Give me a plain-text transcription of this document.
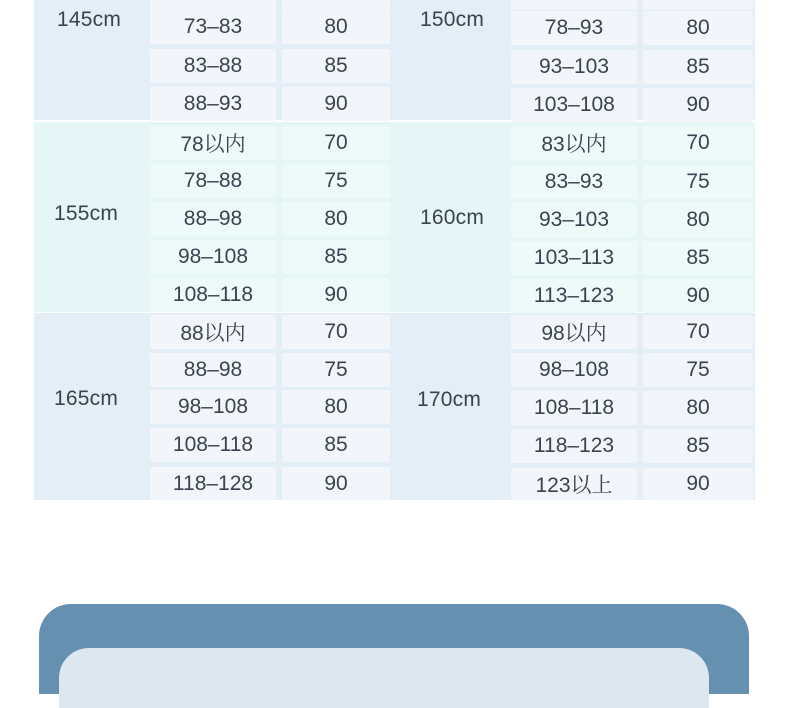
145cm	73–83	80
83–88	85
88–93	90
150cm	78–93	80
93–103	85
103–108	90
155cm
78以内	70
78–88	75
88–98	80
98–108	85
108–118	90
160cm
83以内	70
83–93	75
93–103	80
103–113	85
113–123	90
165cm
88以内	70
88–98	75
98–108	80
108–118	85
118–128	90
170cm
98以内	70
98–108	75
108–118	80
118–123	85
123以上	90
